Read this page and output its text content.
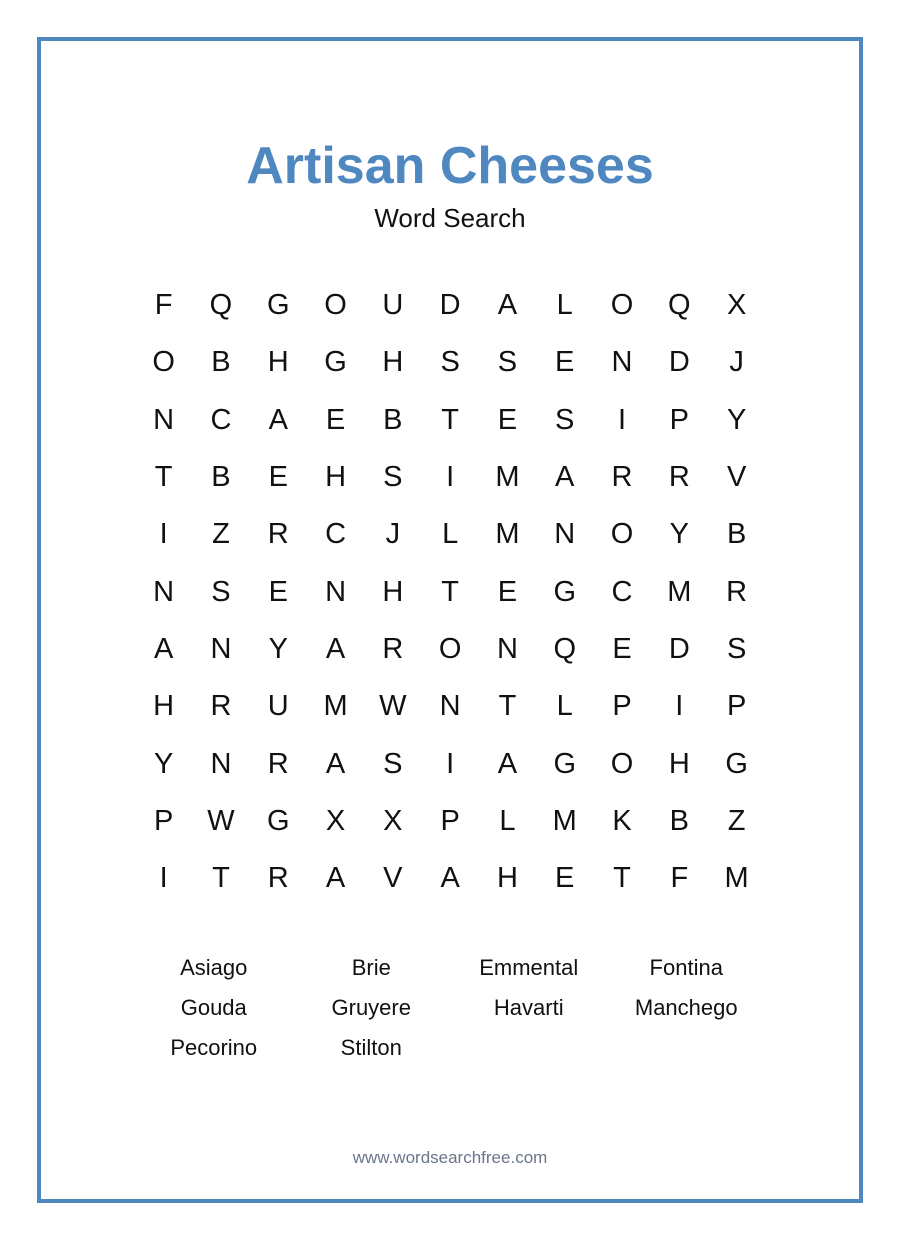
Artisan Cheeses
Word Search
F	Q	G	O	U	D	A	L	O	Q	X
O	B	H	G	H	S	S	E	N	D	J
N	C	A	E	B	T	E	S	I	P	Y
T	B	E	H	S	I	M	A	R	R	V
I	Z	R	C	J	L	M	N	O	Y	B
N	S	E	N	H	T	E	G	C	M	R
A	N	Y	A	R	O	N	Q	E	D	S
H	R	U	M	W	N	T	L	P	I	P
Y	N	R	A	S	I	A	G	O	H	G
P	W	G	X	X	P	L	M	K	B	Z
I	T	R	A	V	A	H	E	T	F	M
Asiago	Brie	Emmental	Fontina
Gouda	Gruyere	Havarti	Manchego
Pecorino	Stilton
www.wordsearchfree.com
